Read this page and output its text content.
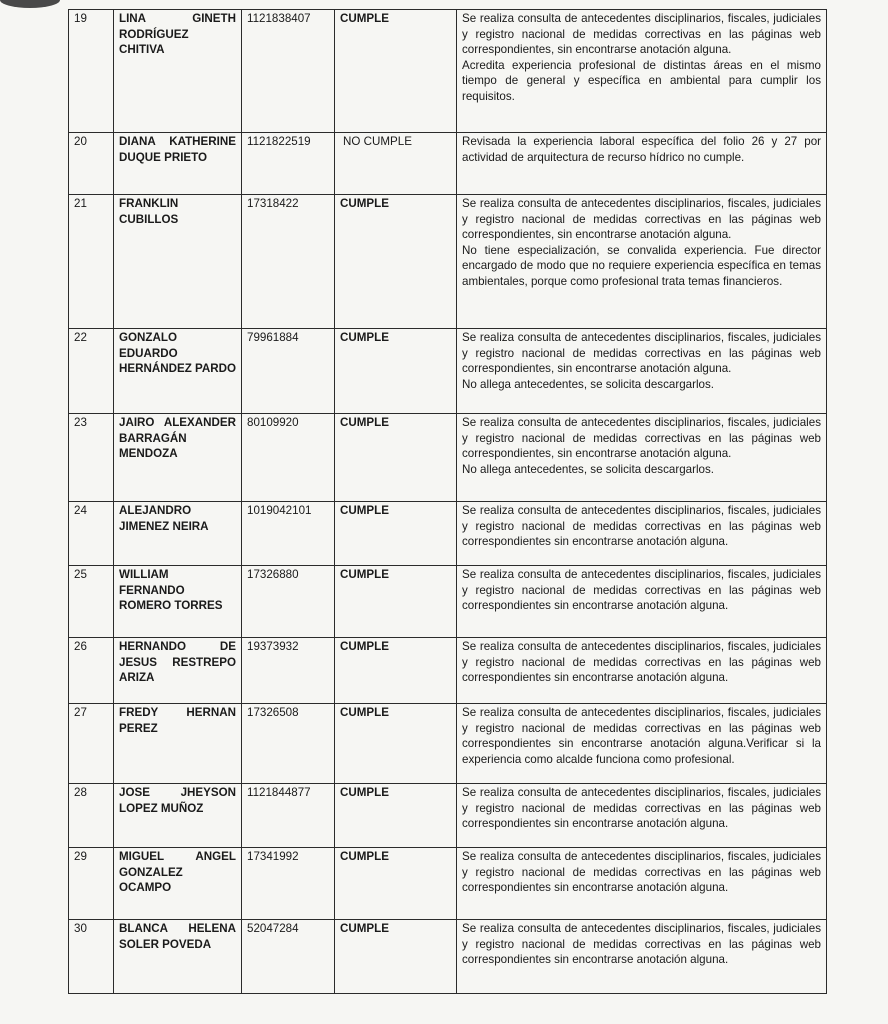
19	LINA GINETH RODRÍGUEZ CHITIVA	1121838407	CUMPLE	Se realiza consulta de antecedentes disciplinarios, fiscales, judiciales y registro nacional de medidas correctivas en las páginas web correspondientes, sin encontrarse anotación alguna.
Acredita experiencia profesional de distintas áreas en el mismo tiempo de general y específica en ambiental para cumplir los requisitos.

20	DIANA KATHERINE DUQUE PRIETO	1121822519	NO CUMPLE	Revisada la experiencia laboral específica del folio 26 y 27 por actividad de arquitectura de recurso hídrico no cumple.

21	FRANKLIN CUBILLOS	17318422	CUMPLE	Se realiza consulta de antecedentes disciplinarios, fiscales, judiciales y registro nacional de medidas correctivas en las páginas web correspondientes, sin encontrarse anotación alguna.
No tiene especialización, se convalida experiencia. Fue director encargado de modo que no requiere experiencia específica en temas ambientales, porque como profesional trata temas financieros.

22	GONZALO EDUARDO HERNÁNDEZ PARDO	79961884	CUMPLE	Se realiza consulta de antecedentes disciplinarios, fiscales, judiciales y registro nacional de medidas correctivas en las páginas web correspondientes, sin encontrarse anotación alguna.
No allega antecedentes, se solicita descargarlos.

23	JAIRO ALEXANDER BARRAGÁN MENDOZA	80109920	CUMPLE	Se realiza consulta de antecedentes disciplinarios, fiscales, judiciales y registro nacional de medidas correctivas en las páginas web correspondientes, sin encontrarse anotación alguna.
No allega antecedentes, se solicita descargarlos.

24	ALEJANDRO JIMENEZ NEIRA	1019042101	CUMPLE	Se realiza consulta de antecedentes disciplinarios, fiscales, judiciales y registro nacional de medidas correctivas en las páginas web correspondientes sin encontrarse anotación alguna.

25	WILLIAM FERNANDO ROMERO TORRES	17326880	CUMPLE	Se realiza consulta de antecedentes disciplinarios, fiscales, judiciales y registro nacional de medidas correctivas en las páginas web correspondientes sin encontrarse anotación alguna.

26	HERNANDO DE JESUS RESTREPO ARIZA	19373932	CUMPLE	Se realiza consulta de antecedentes disciplinarios, fiscales, judiciales y registro nacional de medidas correctivas en las páginas web correspondientes sin encontrarse anotación alguna.

27	FREDY HERNAN PEREZ	17326508	CUMPLE	Se realiza consulta de antecedentes disciplinarios, fiscales, judiciales y registro nacional de medidas correctivas en las páginas web correspondientes sin encontrarse anotación alguna.Verificar si la experiencia como alcalde funciona como profesional.

28	JOSE JHEYSON LOPEZ MUÑOZ	1121844877	CUMPLE	Se realiza consulta de antecedentes disciplinarios, fiscales, judiciales y registro nacional de medidas correctivas en las páginas web correspondientes sin encontrarse anotación alguna.

29	MIGUEL ANGEL GONZALEZ OCAMPO	17341992	CUMPLE	Se realiza consulta de antecedentes disciplinarios, fiscales, judiciales y registro nacional de medidas correctivas en las páginas web correspondientes sin encontrarse anotación alguna.

30	BLANCA HELENA SOLER POVEDA	52047284	CUMPLE	Se realiza consulta de antecedentes disciplinarios, fiscales, judiciales y registro nacional de medidas correctivas en las páginas web correspondientes sin encontrarse anotación alguna.
